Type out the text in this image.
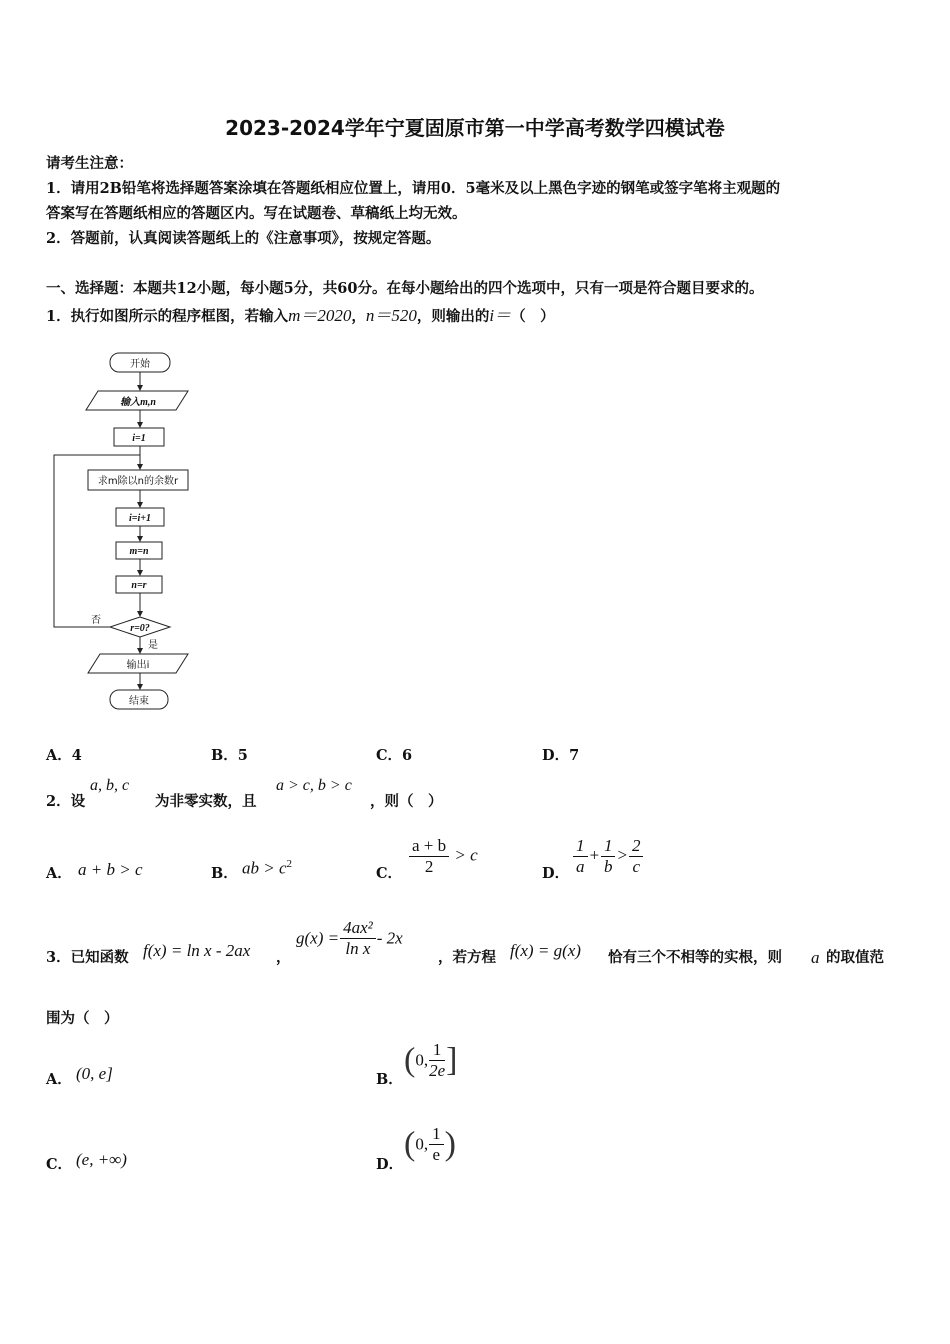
2023-2024学年宁夏固原市第一中学高考数学四模试卷
请考生注意：
1．请用2B铅笔将选择题答案涂填在答题纸相应位置上，请用0．5毫米及以上黑色字迹的钢笔或签字笔将主观题的
答案写在答题纸相应的答题区内。写在试题卷、草稿纸上均无效。
2．答题前，认真阅读答题纸上的《注意事项》，按规定答题。
一、选择题：本题共12小题，每小题5分，共60分。在每小题给出的四个选项中，只有一项是符合题目要求的。
1．执行如图所示的程序框图，若输入m＝2020，n＝520，则输出的i＝（　）
开始
输入m,n
i=1
求m除以n的余数r
i=i+1
m=n
n=r
r=0?
否
是
输出i
结束
A．4	B．5	C．6	D．7
2．设
a, b, c
为非零实数，且
a > c, b > c
，则（　）
A． a + b > c	B． ab > $c^2$
C． $\frac{a + b}{2} > c$
D． $\frac{1}{a} + \frac{1}{b} > \frac{2}{c}$
3．已知函数 f(x) = ln x - 2ax ，
$g(x) = \frac{\text{4ax²}}{\text{ln x}} - 2x$
，若方程 f(x) = g(x) 恰有三个不相等的实根，则 a 的取值范
围为（　）
A． (0, e]	B．
(0, $\frac{1}{2e}$ ]
C． (e, +∞)	D．
(0, $\frac{1}{e}$ )
